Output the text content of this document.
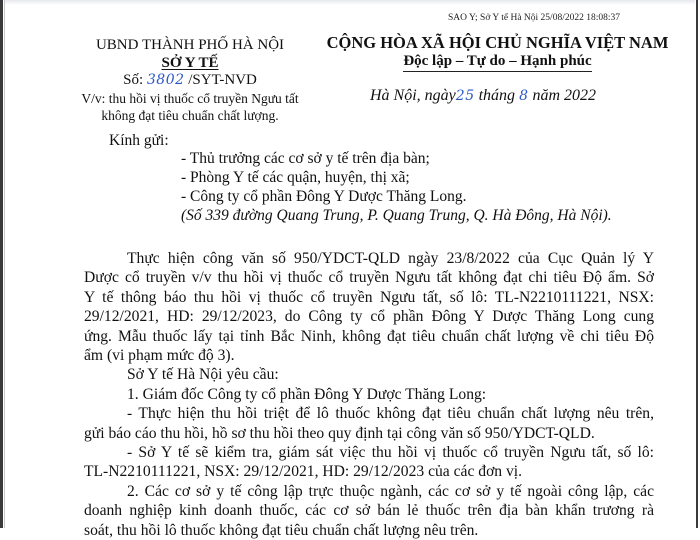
SAO Y; Sở Y tế Hà Nội 25/08/2022 18:08:37
UBND THÀNH PHỐ HÀ NỘI
SỞ Y TẾ
Số: 3802 /SYT-NVD
V/v: thu hồi vị thuốc cổ truyền Ngưu tất
không đạt tiêu chuẩn chất lượng.
CỘNG HÒA XÃ HỘI CHỦ NGHĨA VIỆT NAM
Độc lập – Tự do – Hạnh phúc
Hà Nội, ngày25 tháng 8 năm 2022
Kính gửi:
- Thủ trưởng các cơ sở y tế trên địa bàn;
- Phòng Y tế các quận, huyện, thị xã;
- Công ty cổ phần Đông Y Dược Thăng Long.
(Số 339 đường Quang Trung, P. Quang Trung, Q. Hà Đông, Hà Nội).
Thực hiện công văn số 950/YDCT-QLD ngày 23/8/2022 của Cục Quản lý Y
Dược cổ truyền v/v thu hồi vị thuốc cổ truyền Ngưu tất không đạt chi tiêu Độ ẩm. Sở
Y tế thông báo thu hồi vị thuốc cổ truyền Ngưu tất, số lô: TL-N2210111221, NSX:
29/12/2021, HD: 29/12/2023, do Công ty cổ phần Đông Y Dược Thăng Long cung
ứng. Mẫu thuốc lấy tại tỉnh Bắc Ninh, không đạt tiêu chuẩn chất lượng về chi tiêu Độ
ẩm (vi phạm mức độ 3).
Sở Y tế Hà Nội yêu cầu:
1. Giám đốc Công ty cổ phần Đông Y Dược Thăng Long:
- Thực hiện thu hồi triệt để lô thuốc không đạt tiêu chuẩn chất lượng nêu trên,
gửi báo cáo thu hồi, hồ sơ thu hồi theo quy định tại công văn số 950/YDCT-QLD.
- Sở Y tế sẽ kiểm tra, giám sát việc thu hồi vị thuốc cổ truyền Ngưu tất, số lô:
TL-N2210111221, NSX: 29/12/2021, HD: 29/12/2023 của các đơn vị.
2. Các cơ sở y tế công lập trực thuộc ngành, các cơ sở y tế ngoài công lập, các
doanh nghiệp kinh doanh thuốc, các cơ sở bán lẻ thuốc trên địa bàn khẩn trương rà
soát, thu hồi lô thuốc không đạt tiêu chuẩn chất lượng nêu trên.
